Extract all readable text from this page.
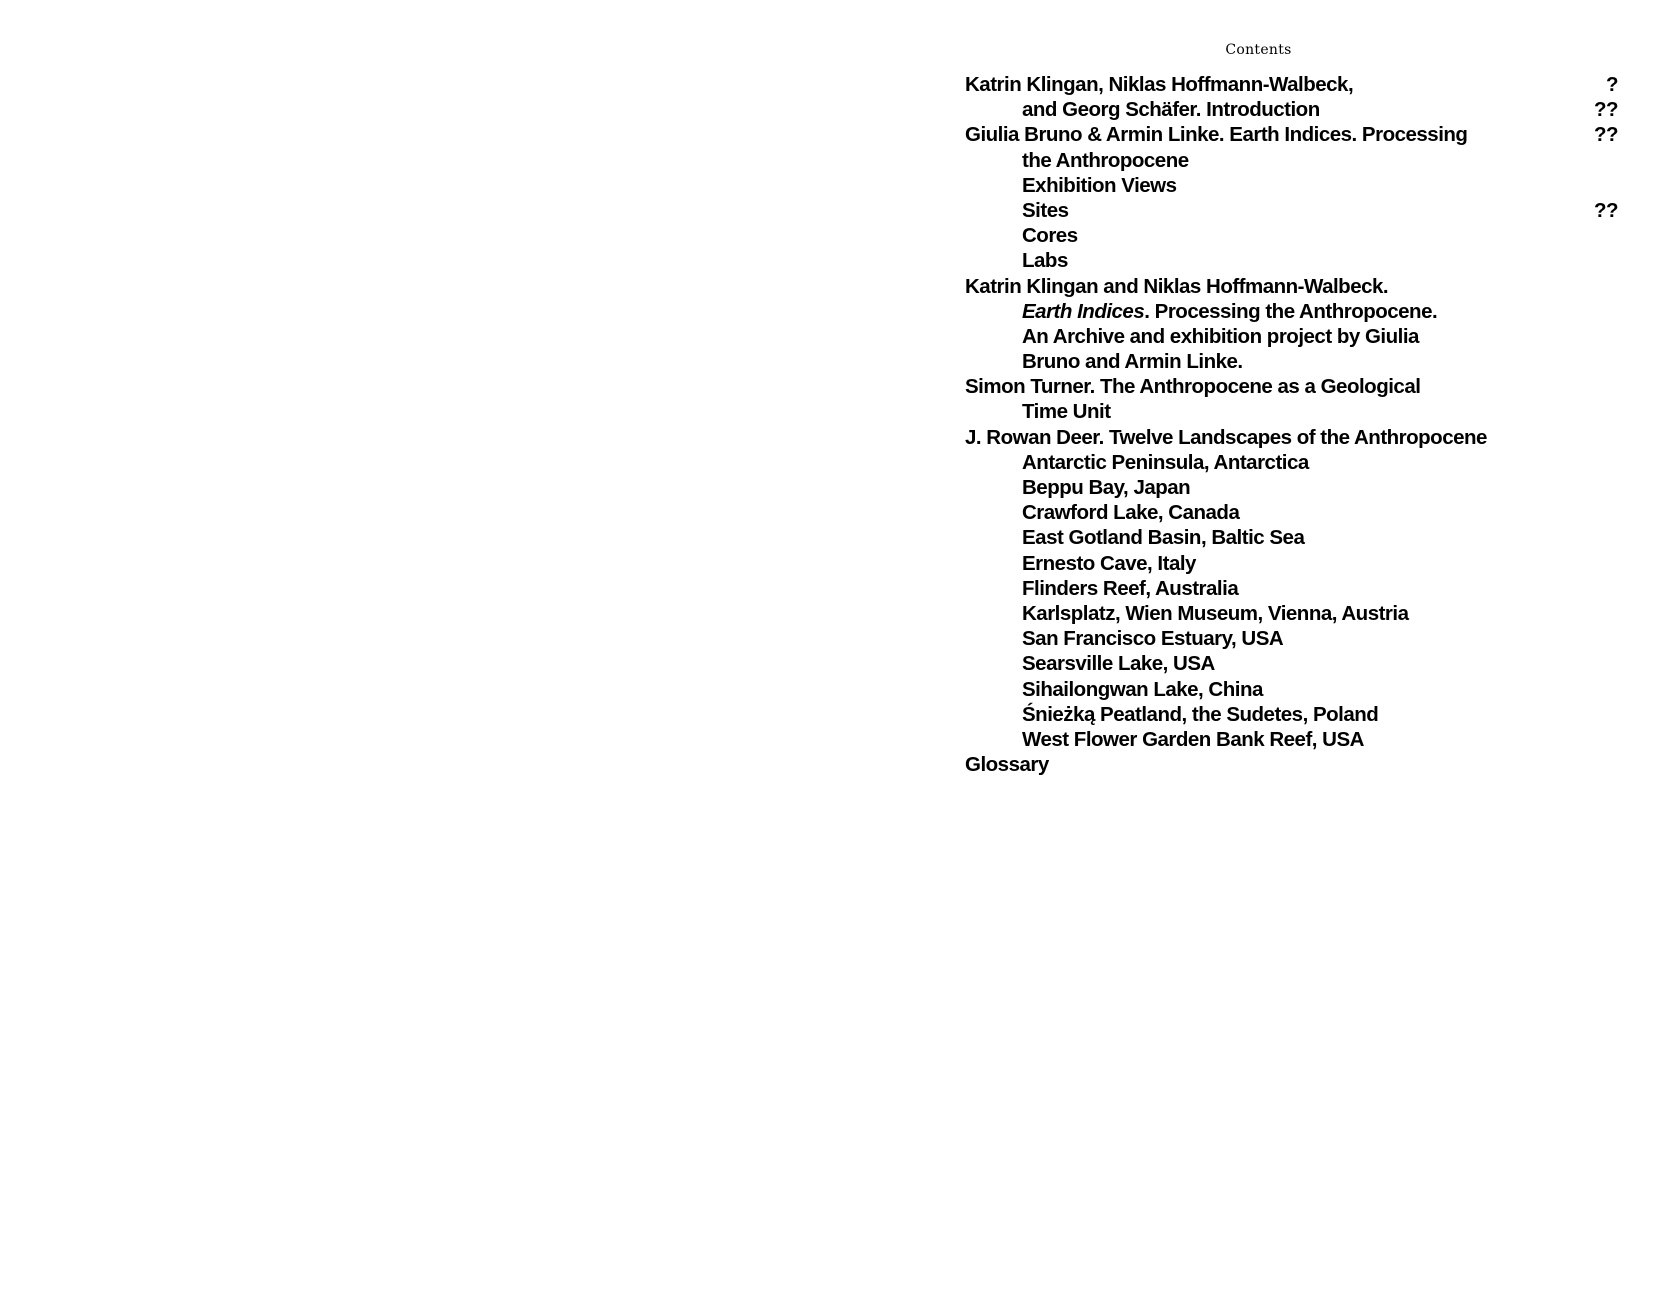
Contents
Katrin Klingan, Niklas Hoffmann-Walbeck,	?
and Georg Schäfer. Introduction	??
Giulia Bruno & Armin Linke. Earth Indices. Processing	??
the Anthropocene
Exhibition Views
Sites	??
Cores
Labs
Katrin Klingan and Niklas Hoffmann-Walbeck.
Earth Indices. Processing the Anthropocene.
An Archive and exhibition project by Giulia
Bruno and Armin Linke.
Simon Turner. The Anthropocene as a Geological
Time Unit
J. Rowan Deer. Twelve Landscapes of the Anthropocene
Antarctic Peninsula, Antarctica
Beppu Bay, Japan
Crawford Lake, Canada
East Gotland Basin, Baltic Sea
Ernesto Cave, Italy
Flinders Reef, Australia
Karlsplatz, Wien Museum, Vienna, Austria
San Francisco Estuary, USA
Searsville Lake, USA
Sihailongwan Lake, China
Śnieżką Peatland, the Sudetes, Poland
West Flower Garden Bank Reef, USA
Glossary
